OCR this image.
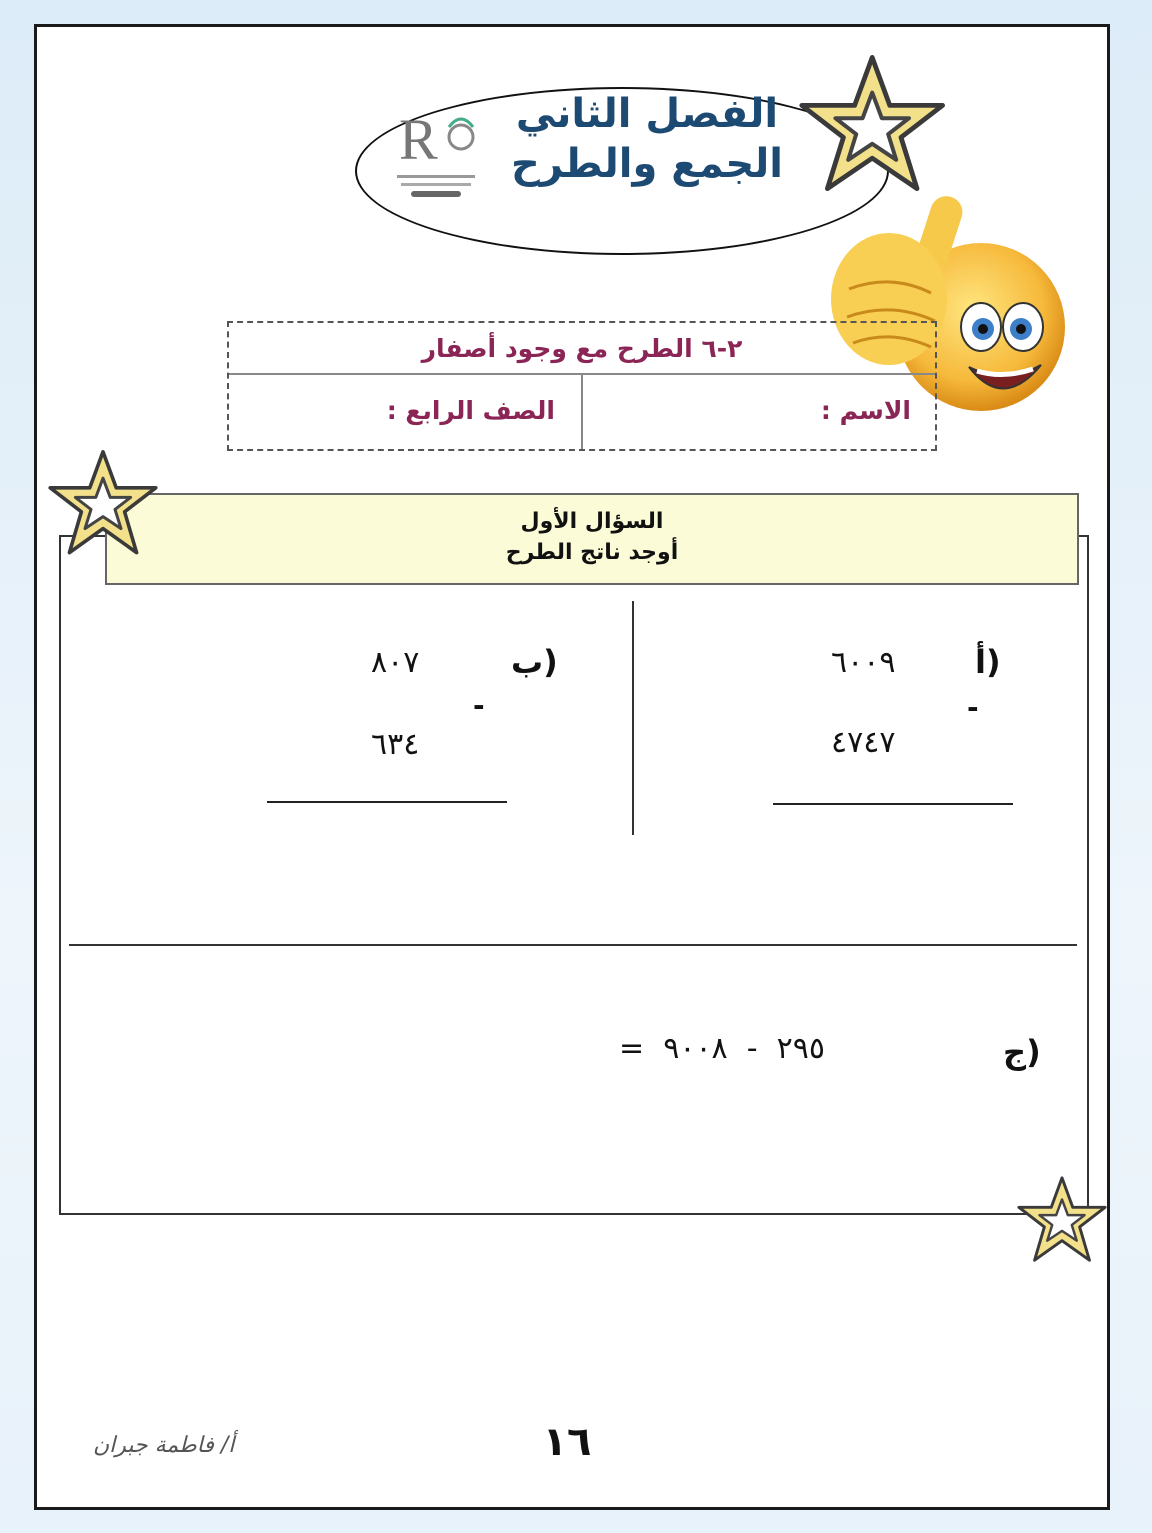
R	الفصل الثاني الجمع والطرح
٢-٦ الطرح مع وجود أصفار
الاسم :
الصف الرابع :
السؤال الأول
أوجد ناتج الطرح
أ)
٩٠٠٦
-
٧٤٧٤
ب)
٧٠٨
-
٤٣٦
ج)
=  ٢٩٥  -  ٩٠٠٨
١٦
أ/ فاطمة جبران
